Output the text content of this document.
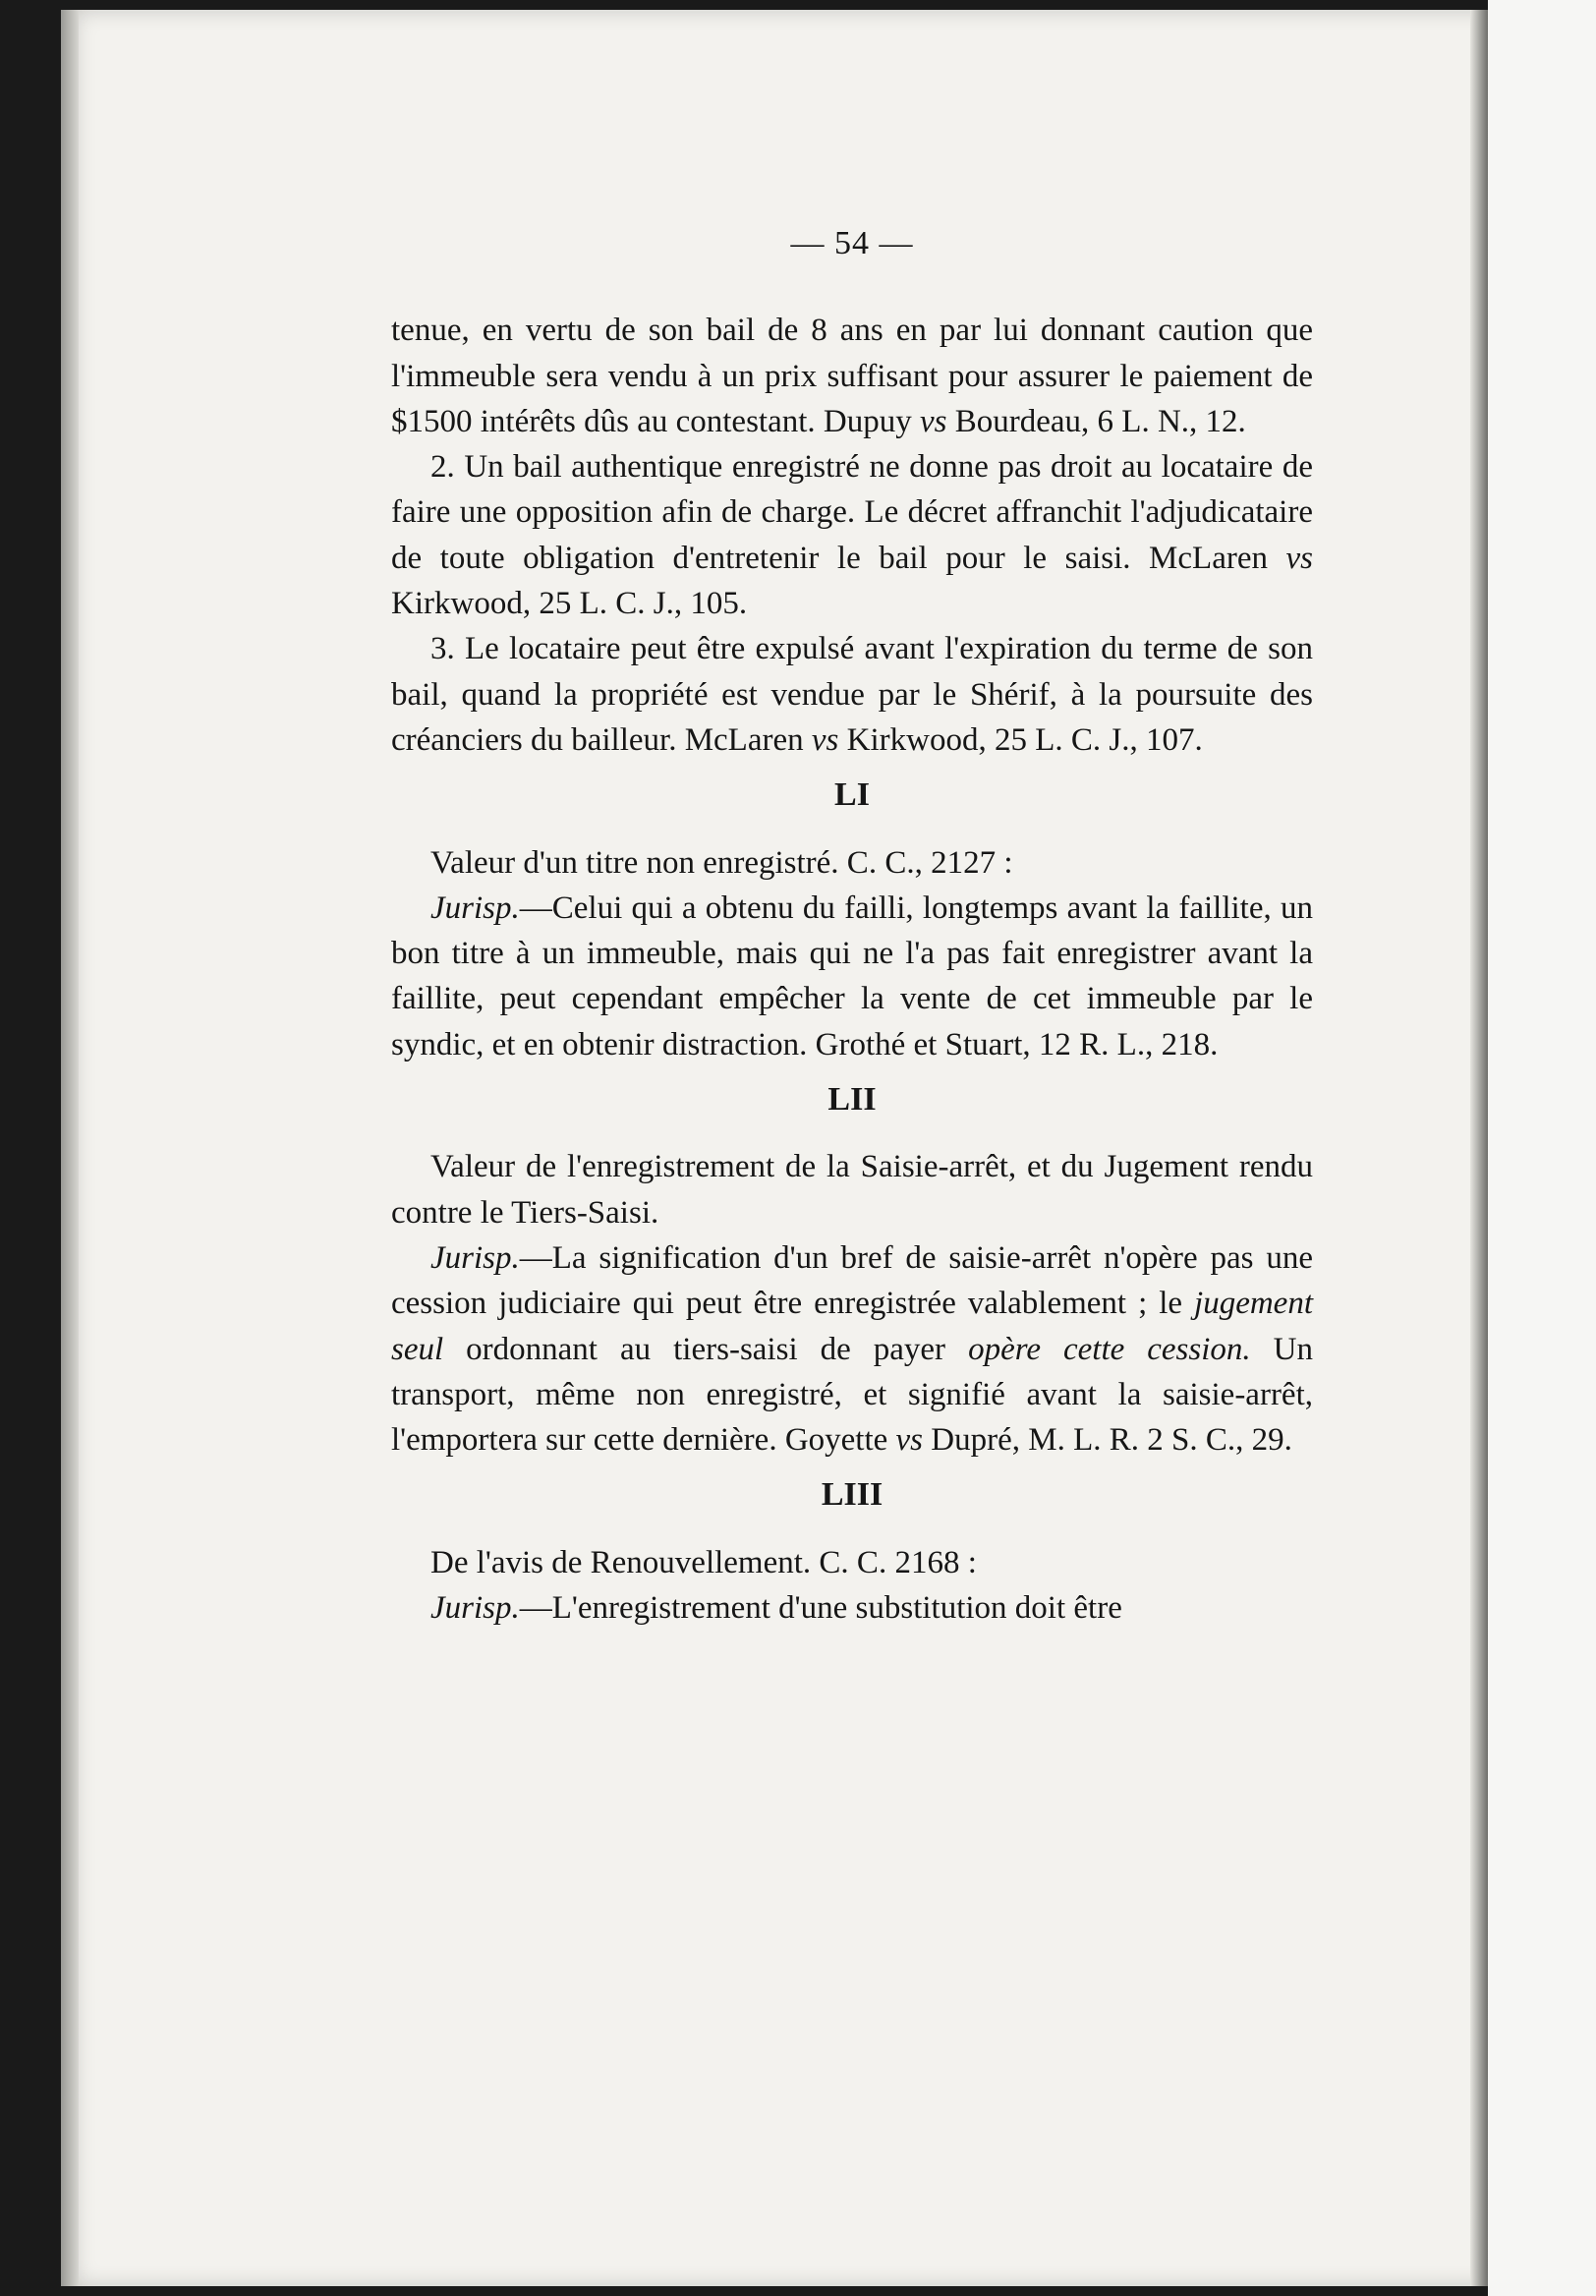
— 54 —

tenue, en vertu de son bail de 8 ans en par lui donnant caution que l'immeuble sera vendu à un prix suffisant pour assurer le paiement de $1500 intérêts dûs au contestant. Dupuy vs Bourdeau, 6 L. N., 12.

2. Un bail authentique enregistré ne donne pas droit au locataire de faire une opposition afin de charge. Le décret affranchit l'adjudicataire de toute obligation d'entretenir le bail pour le saisi. McLaren vs Kirkwood, 25 L. C. J., 105.

3. Le locataire peut être expulsé avant l'expiration du terme de son bail, quand la propriété est vendue par le Shérif, à la poursuite des créanciers du bailleur. McLaren vs Kirkwood, 25 L. C. J., 107.

LI

Valeur d'un titre non enregistré. C. C., 2127 :

Jurisp.—Celui qui a obtenu du failli, longtemps avant la faillite, un bon titre à un immeuble, mais qui ne l'a pas fait enregistrer avant la faillite, peut cependant empêcher la vente de cet immeuble par le syndic, et en obtenir distraction. Grothé et Stuart, 12 R. L., 218.

LII

Valeur de l'enregistrement de la Saisie-arrêt, et du Jugement rendu contre le Tiers-Saisi.

Jurisp.—La signification d'un bref de saisie-arrêt n'opère pas une cession judiciaire qui peut être enregistrée valablement ; le jugement seul ordonnant au tiers-saisi de payer opère cette cession. Un transport, même non enregistré, et signifié avant la saisie-arrêt, l'emportera sur cette dernière. Goyette vs Dupré, M. L. R. 2 S. C., 29.

LIII

De l'avis de Renouvellement. C. C. 2168 :

Jurisp.—L'enregistrement d'une substitution doit être
